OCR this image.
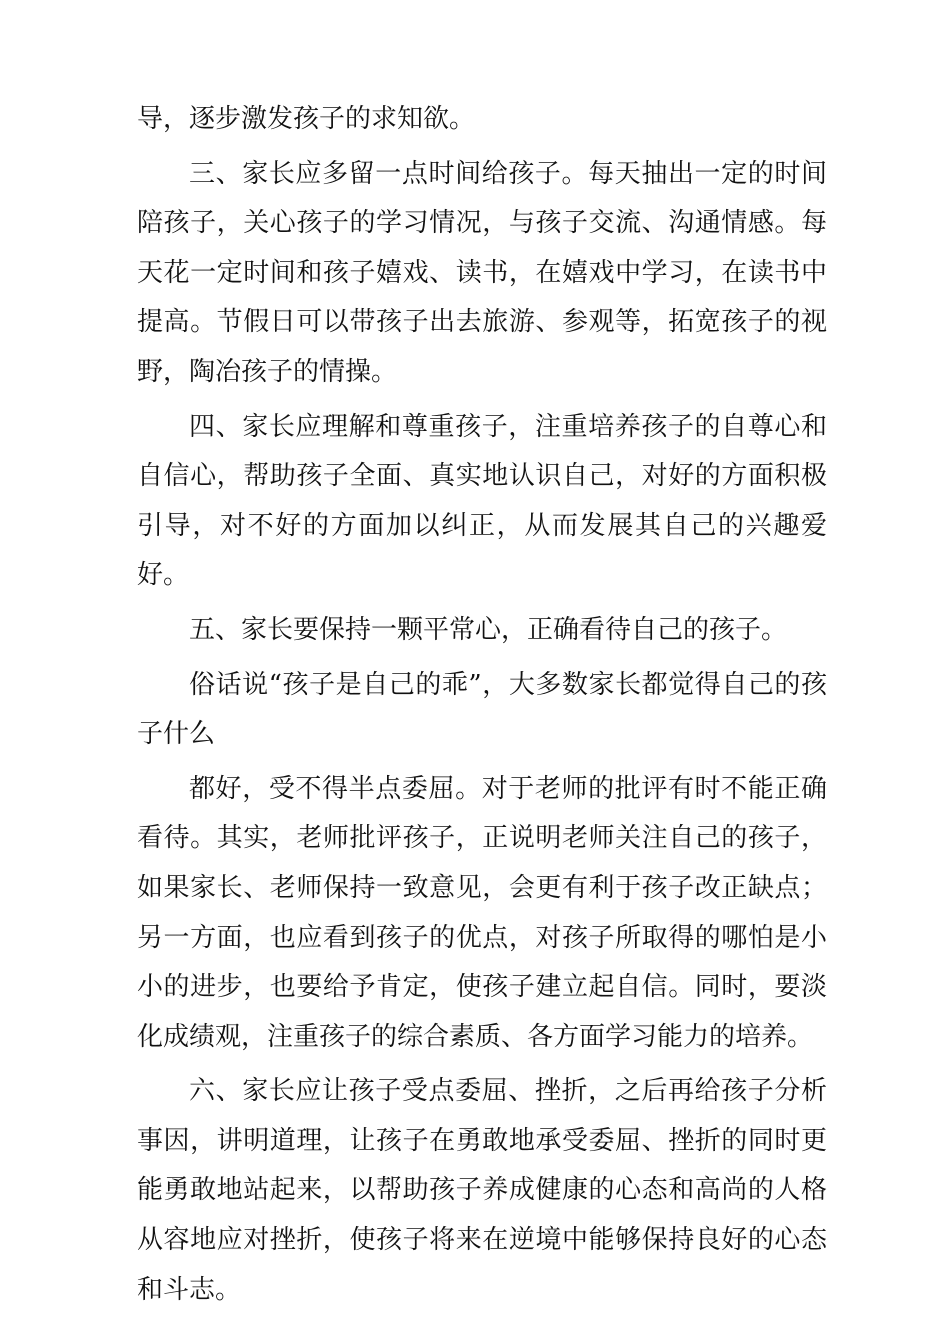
导，逐步激发孩子的求知欲。

三、家长应多留一点时间给孩子。每天抽出一定的时间陪孩子，关心孩子的学习情况，与孩子交流、沟通情感。每天花一定时间和孩子嬉戏、读书，在嬉戏中学习，在读书中提高。节假日可以带孩子出去旅游、参观等，拓宽孩子的视野，陶冶孩子的情操。

四、家长应理解和尊重孩子，注重培养孩子的自尊心和自信心，帮助孩子全面、真实地认识自己，对好的方面积极引导，对不好的方面加以纠正，从而发展其自己的兴趣爱好。

五、家长要保持一颗平常心，正确看待自己的孩子。

俗话说“孩子是自己的乖”，大多数家长都觉得自己的孩子什么

都好，受不得半点委屈。对于老师的批评有时不能正确看待。其实，老师批评孩子，正说明老师关注自己的孩子，如果家长、老师保持一致意见，会更有利于孩子改正缺点；另一方面，也应看到孩子的优点，对孩子所取得的哪怕是小小的进步，也要给予肯定，使孩子建立起自信。同时，要淡化成绩观，注重孩子的综合素质、各方面学习能力的培养。

六、家长应让孩子受点委屈、挫折，之后再给孩子分析事因，讲明道理，让孩子在勇敢地承受委屈、挫折的同时更能勇敢地站起来，以帮助孩子养成健康的心态和高尚的人格从容地应对挫折，使孩子将来在逆境中能够保持良好的心态和斗志。
